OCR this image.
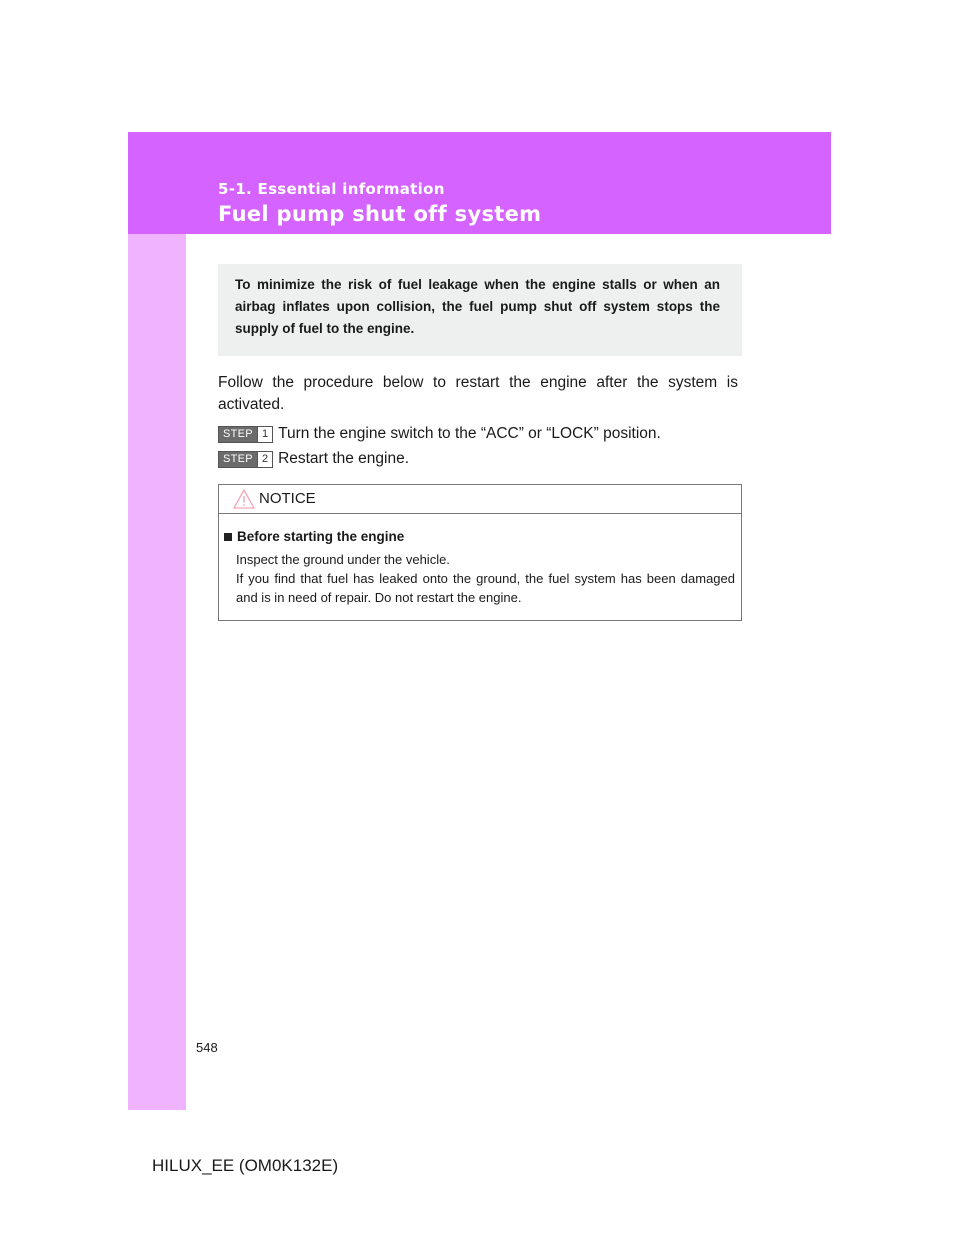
5-1. Essential information
Fuel pump shut off system
To minimize the risk of fuel leakage when the engine stalls or when an airbag inflates upon collision, the fuel pump shut off system stops the supply of fuel to the engine.
Follow the procedure below to restart the engine after the system is activated.
STEP 1 Turn the engine switch to the “ACC” or “LOCK” position.
STEP 2 Restart the engine.
NOTICE
Before starting the engine
Inspect the ground under the vehicle.
If you find that fuel has leaked onto the ground, the fuel system has been damaged and is in need of repair. Do not restart the engine.
548
HILUX_EE (OM0K132E)
